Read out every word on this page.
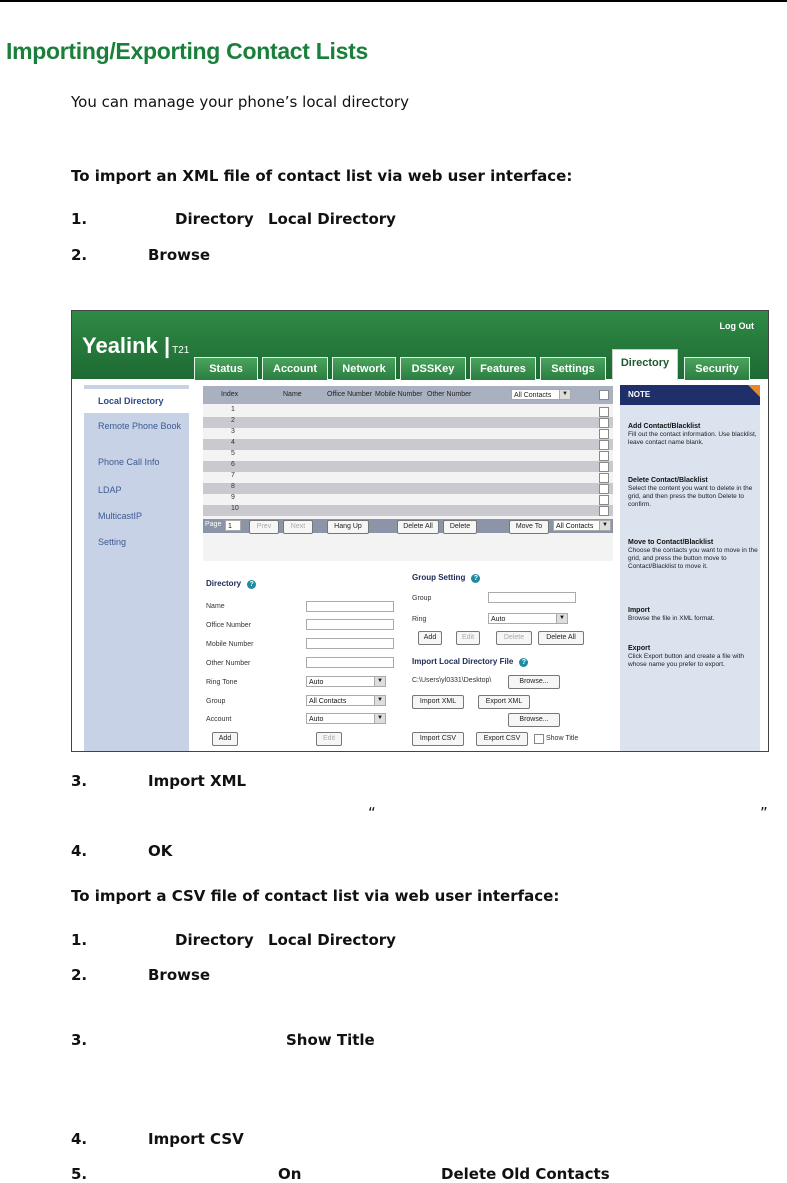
Importing/Exporting Contact Lists
You can manage your phone’s local directory
To import an XML file of contact list via web user interface:
1.	Directory Local Directory
2.	Browse
Yealink | T21
Log Out
Status	Account	Network	DSSKey	Features	Settings	Directory	Security
Local Directory
Remote Phone Book
Phone Call Info
LDAP
MulticastIP
Setting
Index	Name	Office Number Mobile Number Other Number	All Contacts	▼
1
2
3
4
5
6
7
8
9
10
Page 1	Prev	Next	Hang Up	Delete All	Delete	Move To	All Contacts	▼
Directory ?
Name
Office Number
Mobile Number
Other Number
Ring Tone	Auto	▼
Group	All Contacts	▼
Account	Auto	▼
Add	Edit
Group Setting ?
Group
Ring	Auto	▼
Add	Edit	Delete	Delete All
Import Local Directory File ?
C:\Users\yl0331\Desktop\	Browse...
Import XML	Export XML
Browse...
Import CSV	Export CSV	Show Title
NOTE
Add Contact/Blacklist
Fill out the contact information. Use blacklist, leave contact name blank.
Delete Contact/Blacklist
Select the content you want to delete in the grid, and then press the button Delete to confirm.
Move to Contact/Blacklist
Choose the contacts you want to move in the grid, and press the button move to Contact/Blacklist to move it.
Import
Browse the file in XML format.
Export
Click Export button and create a file with whose name you prefer to export.
3.	Import XML
“	”
4.	OK
To import a CSV file of contact list via web user interface:
1.	Directory Local Directory
2.	Browse
3.	Show Title
4.	Import CSV
5.	On	Delete Old Contacts
